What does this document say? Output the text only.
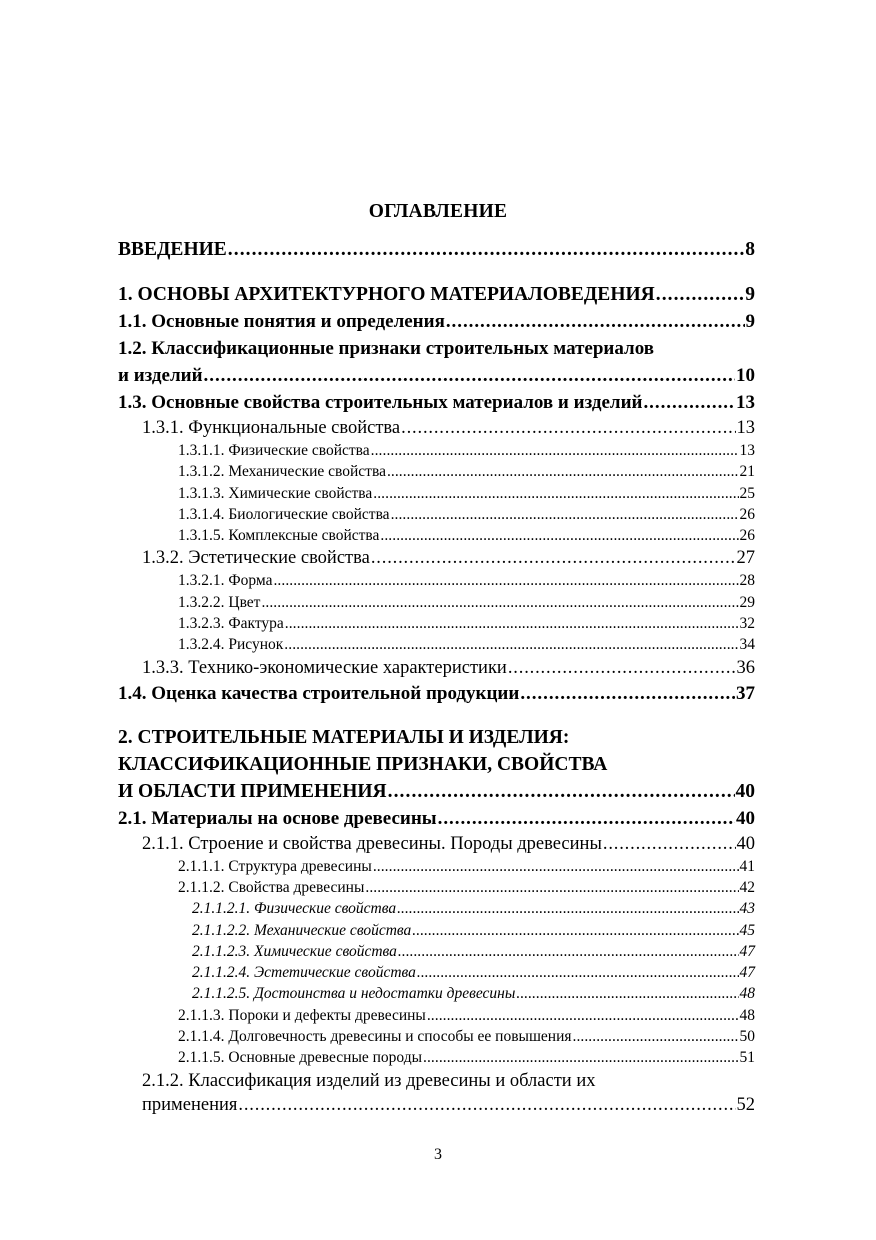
ОГЛАВЛЕНИЕ
ВВЕДЕНИЕ . . .	8
1. ОСНОВЫ АРХИТЕКТУРНОГО МАТЕРИАЛОВЕДЕНИЯ . . .	9
1.1. Основные понятия и определения . . .	9
1.2. Классификационные признаки строительных материалов
и изделий . . .	10
1.3. Основные свойства строительных материалов и изделий . . .	13
1.3.1. Функциональные свойства . . .	13
1.3.1.1. Физические свойства . . .	13
1.3.1.2. Механические свойства . . .	21
1.3.1.3. Химические свойства . . .	25
1.3.1.4. Биологические свойства . . .	26
1.3.1.5. Комплексные свойства . . .	26
1.3.2. Эстетические свойства . . .	27
1.3.2.1. Форма . . .	28
1.3.2.2. Цвет . . .	29
1.3.2.3. Фактура . . .	32
1.3.2.4. Рисунок . . .	34
1.3.3. Технико-экономические характеристики . . .	36
1.4. Оценка качества строительной продукции . . .	37
2. СТРОИТЕЛЬНЫЕ МАТЕРИАЛЫ И ИЗДЕЛИЯ:
КЛАССИФИКАЦИОННЫЕ ПРИЗНАКИ, СВОЙСТВА
И ОБЛАСТИ ПРИМЕНЕНИЯ . . .	40
2.1. Материалы на основе древесины . . .	40
2.1.1. Строение и свойства древесины. Породы древесины . . .	40
2.1.1.1. Структура древесины . . .	41
2.1.1.2. Свойства древесины . . .	42
2.1.1.2.1. Физические свойства . . .	43
2.1.1.2.2. Механические свойства . . .	45
2.1.1.2.3. Химические свойства . . .	47
2.1.1.2.4. Эстетические свойства . . .	47
2.1.1.2.5. Достоинства и недостатки древесины . . .	48
2.1.1.3. Пороки и дефекты древесины . . .	48
2.1.1.4. Долговечность древесины и способы ее повышения . . .	50
2.1.1.5. Основные древесные породы . . .	51
2.1.2. Классификация изделий из древесины и области их
применения . . .	52
3
